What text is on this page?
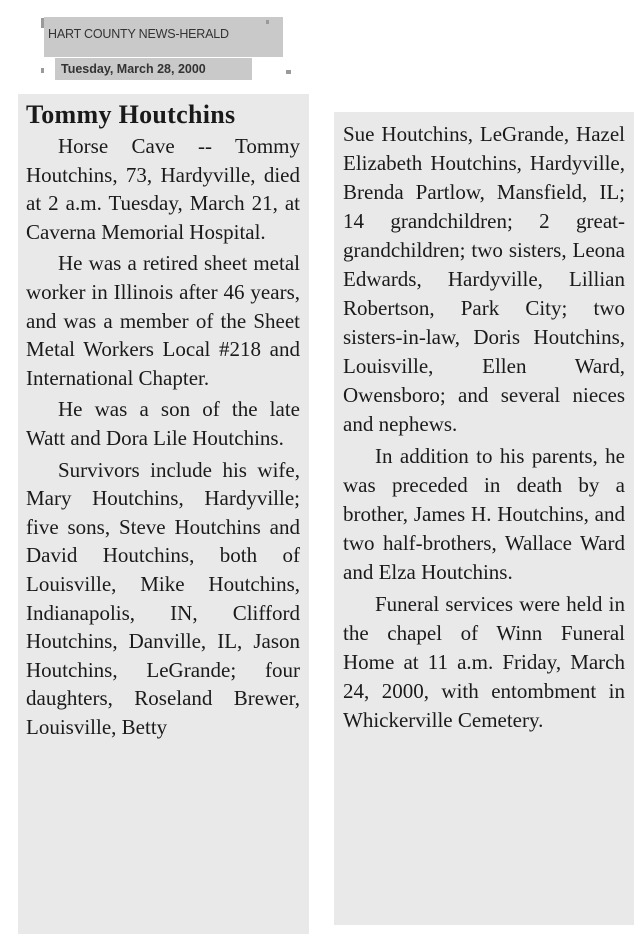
HART COUNTY NEWS-HERALD
Tuesday, March 28, 2000
Tommy Houtchins

Horse Cave -- Tommy Houtchins, 73, Hardyville, died at 2 a.m. Tuesday, March 21, at Caverna Memorial Hospital.

He was a retired sheet metal worker in Illinois after 46 years, and was a member of the Sheet Metal Workers Local #218 and International Chapter.

He was a son of the late Watt and Dora Lile Houtchins.

Survivors include his wife, Mary Houtchins, Hardyville; five sons, Steve Houtchins and David Houtchins, both of Louisville, Mike Houtchins, Indianapolis, IN, Clifford Houtchins, Danville, IL, Jason Houtchins, LeGrande; four daughters, Roseland Brewer, Louisville, Betty

Sue Houtchins, LeGrande, Hazel Elizabeth Houtchins, Hardyville, Brenda Partlow, Mansfield, IL; 14 grandchildren; 2 great-grandchildren; two sisters, Leona Edwards, Hardyville, Lillian Robertson, Park City; two sisters-in-law, Doris Houtchins, Louisville, Ellen Ward, Owensboro; and several nieces and nephews.

In addition to his parents, he was preceded in death by a brother, James H. Houtchins, and two half-brothers, Wallace Ward and Elza Houtchins.

Funeral services were held in the chapel of Winn Funeral Home at 11 a.m. Friday, March 24, 2000, with entombment in Whickerville Cemetery.
